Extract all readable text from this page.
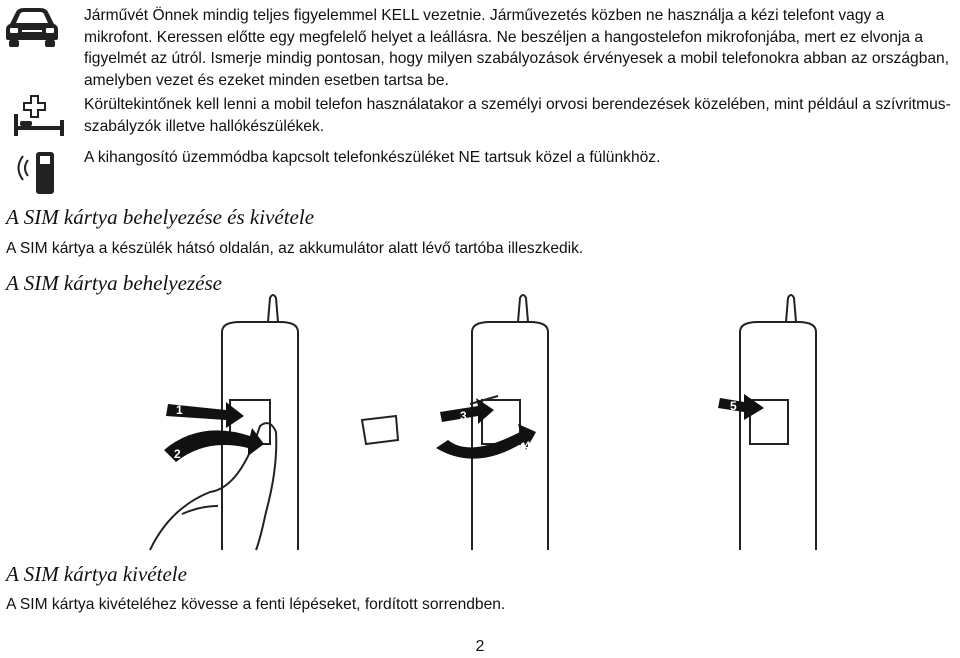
Járművét Önnek mindig teljes figyelemmel KELL vezetnie. Járművezetés közben ne használja a kézi telefont vagy a mikrofont. Keressen előtte egy megfelelő helyet a leállásra. Ne beszéljen a hangostelefon mikrofonjába, mert ez elvonja a figyelmét az útról. Ismerje mindig pontosan, hogy milyen szabályozások érvényesek a mobil telefonokra abban az országban, amelyben vezet és ezeket minden esetben tartsa be.

Körültekintőnek kell lenni a mobil telefon használatakor a személyi orvosi berendezések közelében, mint például a szívritmus-szabályzók illetve hallókészülékek.

A kihangosító üzemmódba kapcsolt telefonkészüléket NE tartsuk közel a fülünkhöz.

A SIM kártya behelyezése és kivétele

A SIM kártya a készülék hátsó oldalán, az akkumulátor alatt lévő tartóba illeszkedik.

A SIM kártya behelyezése
1
2
3
4
5
A SIM kártya kivétele

A SIM kártya kivételéhez kövesse a fenti lépéseket, fordított sorrendben.

2
